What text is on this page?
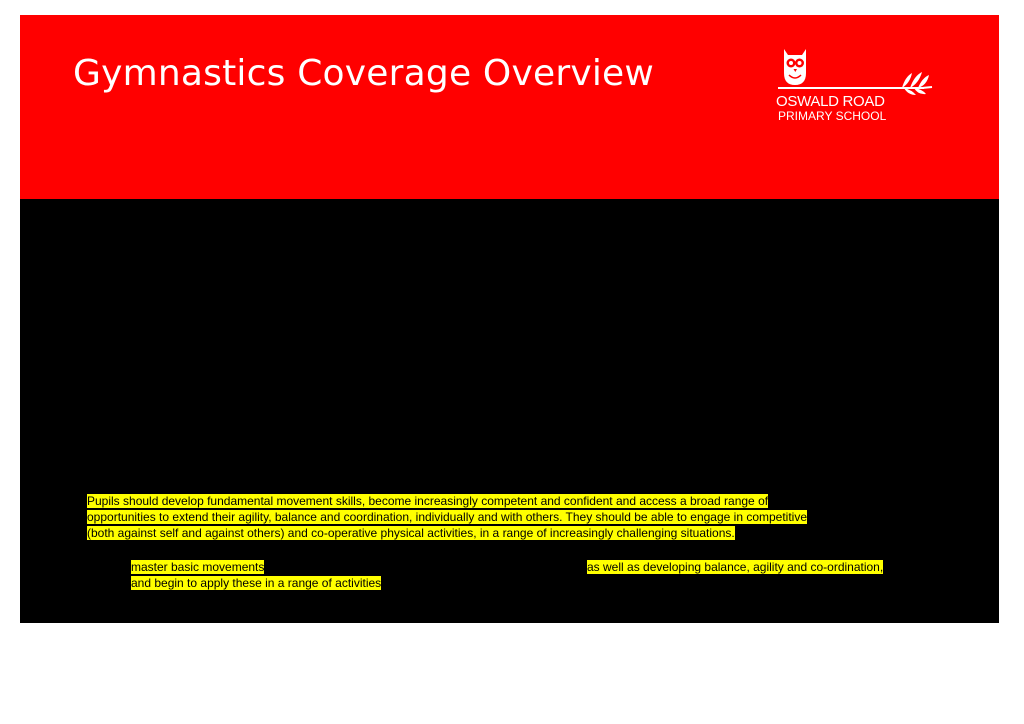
Gymnastics Coverage Overview
OSWALD ROAD
PRIMARY SCHOOL
Pupils should develop fundamental movement skills, become increasingly competent and confident and access a broad range of
opportunities to extend their agility, balance and coordination, individually and with others. They should be able to engage in competitive
(both against self and against others) and co-operative physical activities, in a range of increasingly challenging situations.
master basic movements
and begin to apply these in a range of activities
as well as developing balance, agility and co-ordination,
